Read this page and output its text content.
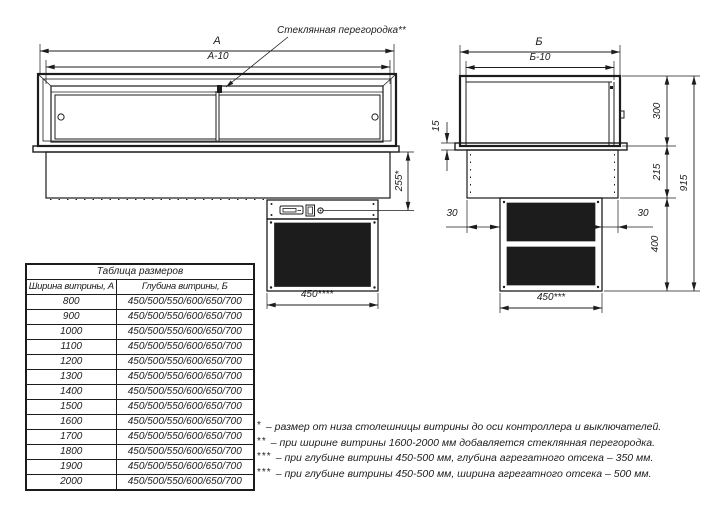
А
А-10
Стеклянная перегородка**
255*
450****
Б
Б-10
15
300
215
400
915
30	30
450***
Таблица размеров	
Ширина витрины, А	Глубина витрины, Б
800	450/500/550/600/650/700
900	450/500/550/600/650/700
1000	450/500/550/600/650/700
1100	450/500/550/600/650/700
1200	450/500/550/600/650/700
1300	450/500/550/600/650/700
1400	450/500/550/600/650/700
1500	450/500/550/600/650/700
1600	450/500/550/600/650/700
1700	450/500/550/600/650/700
1800	450/500/550/600/650/700
1900	450/500/550/600/650/700
2000	450/500/550/600/650/700
* – размер от низа столешницы витрины до оси контроллера и выключателей.
** – при ширине витрины 1600-2000 мм добавляется стеклянная перегородка.
*** – при глубине витрины 450-500 мм, глубина агрегатного отсека – 350 мм.
*** – при глубине витрины 450-500 мм, ширина агрегатного отсека – 500 мм.
